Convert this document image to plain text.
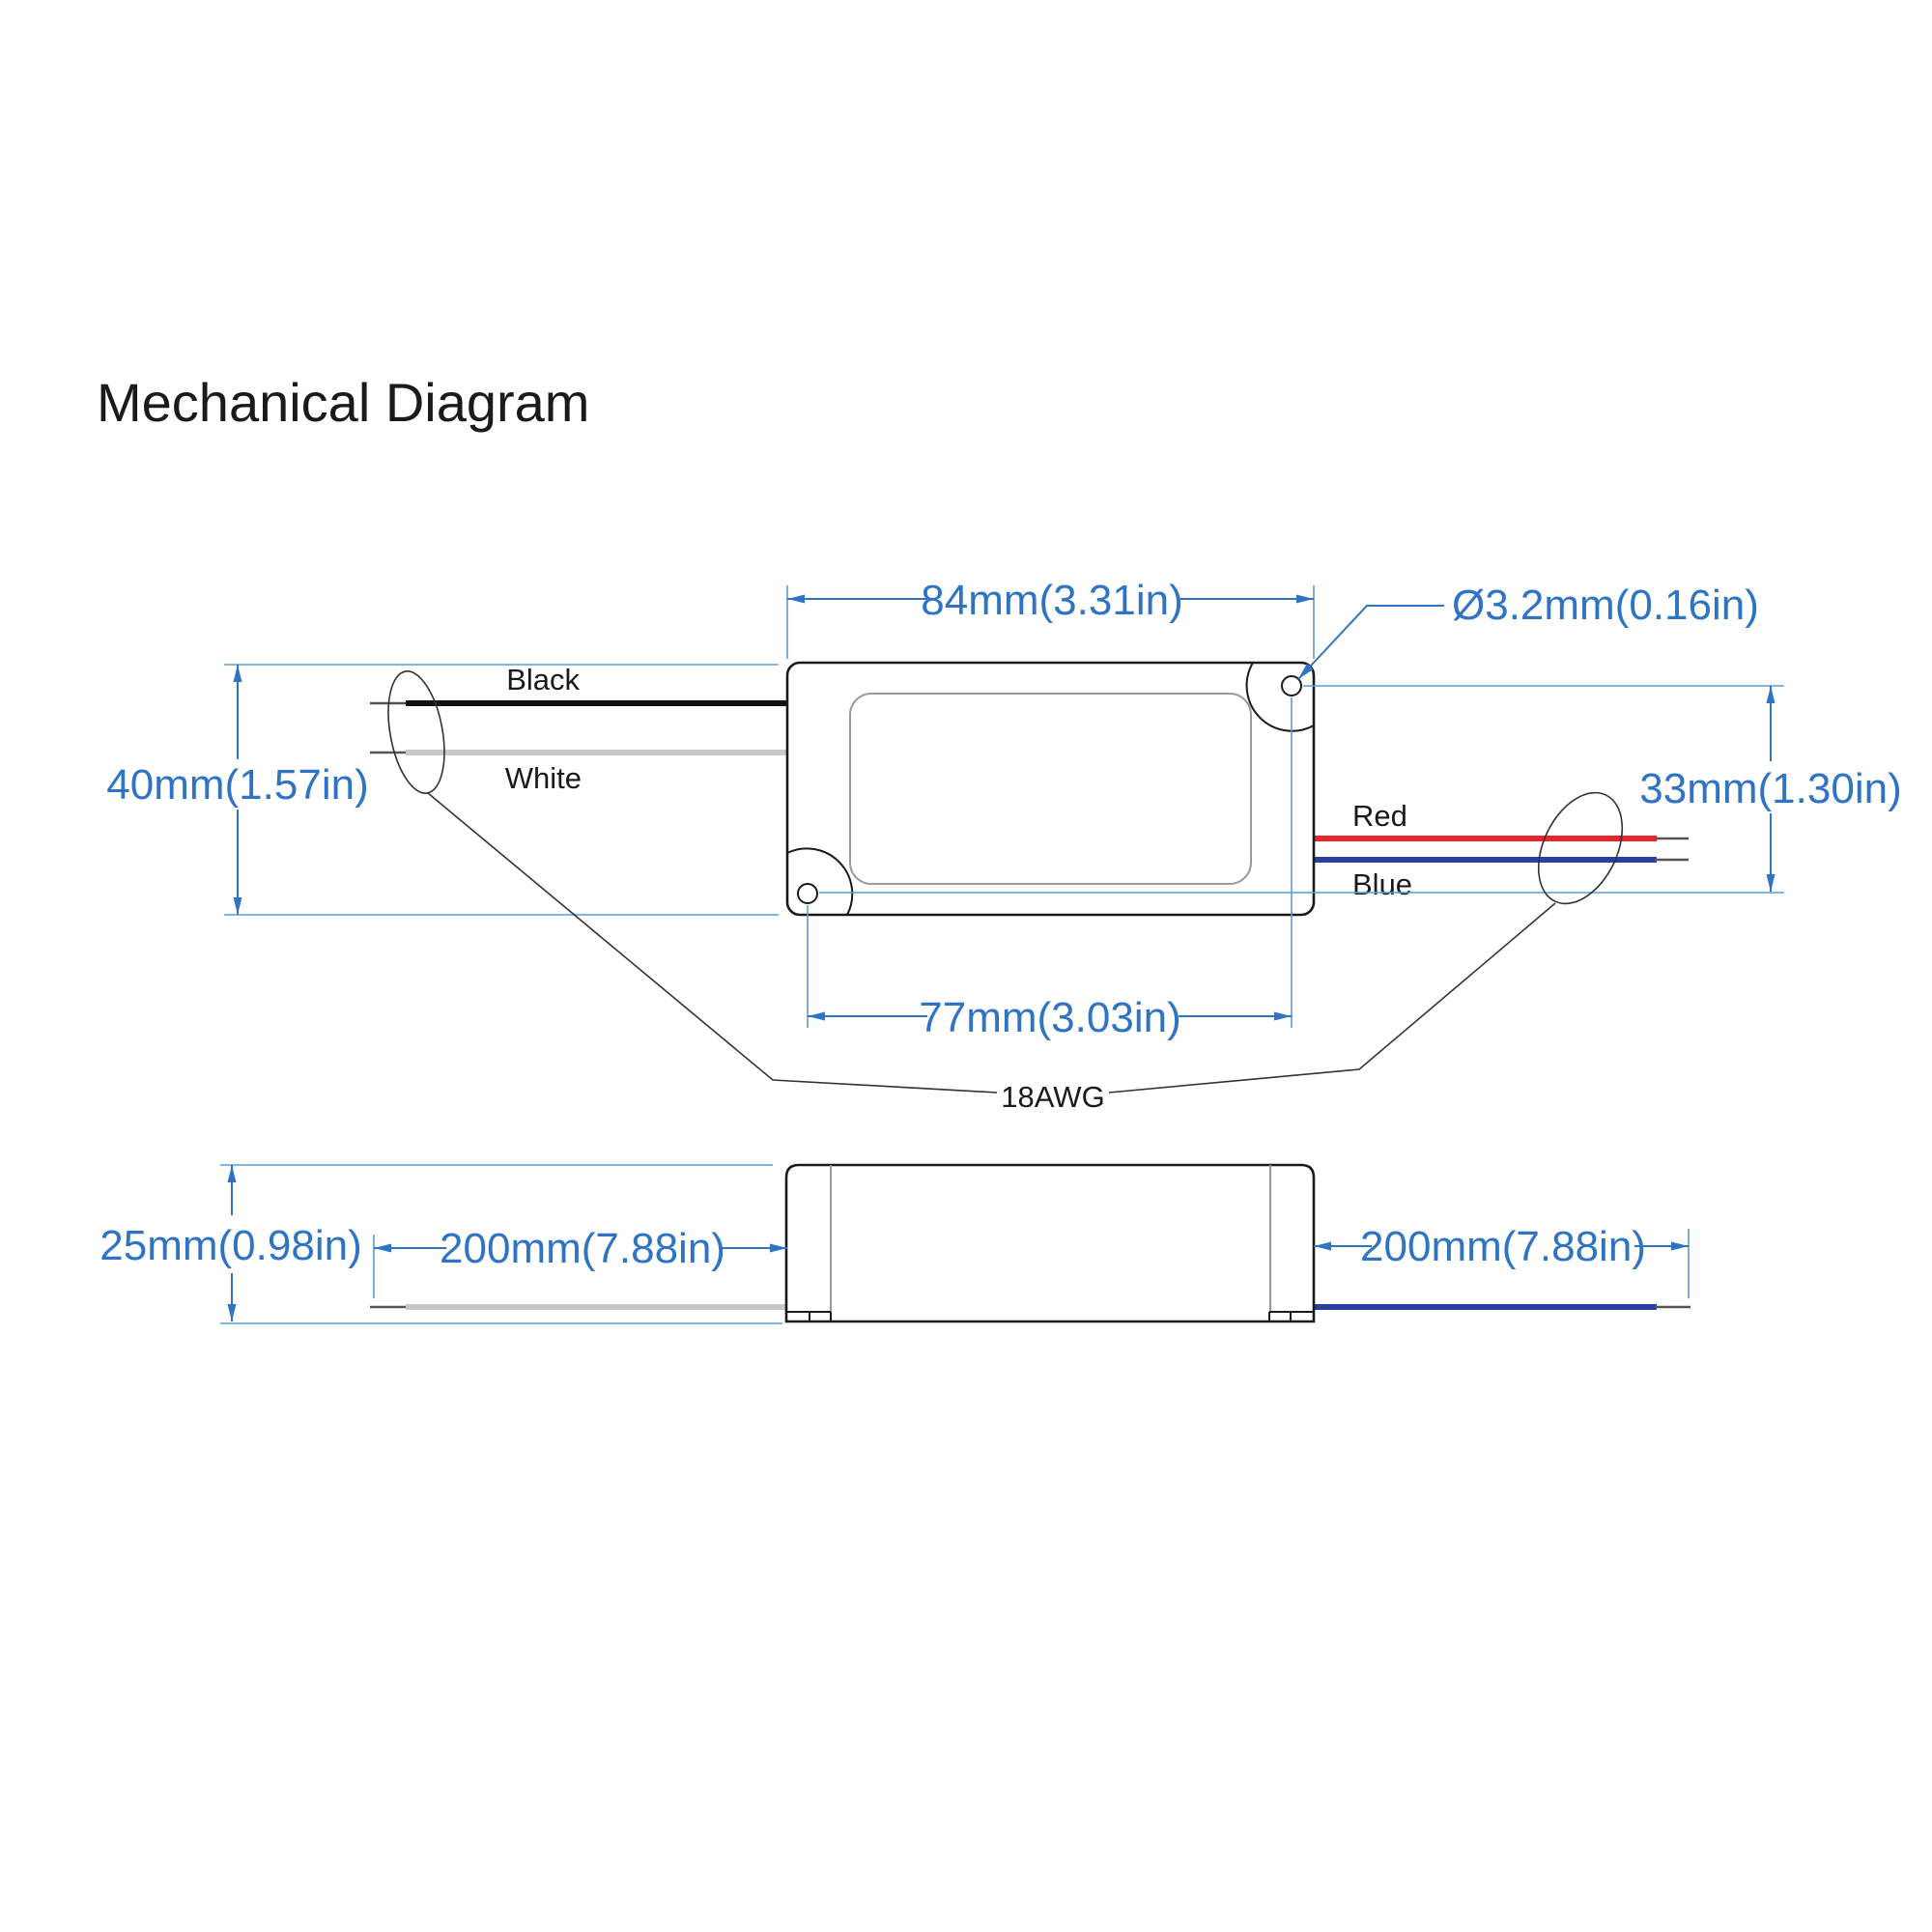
Mechanical Diagram
Black
White
Red
Blue
84mm(3.31in)	Ø3.2mm(0.16in)
40mm(1.57in)
77mm(3.03in)
33mm(1.30in)
18AWG
25mm(0.98in) 200mm(7.88in)	200mm(7.88in)
